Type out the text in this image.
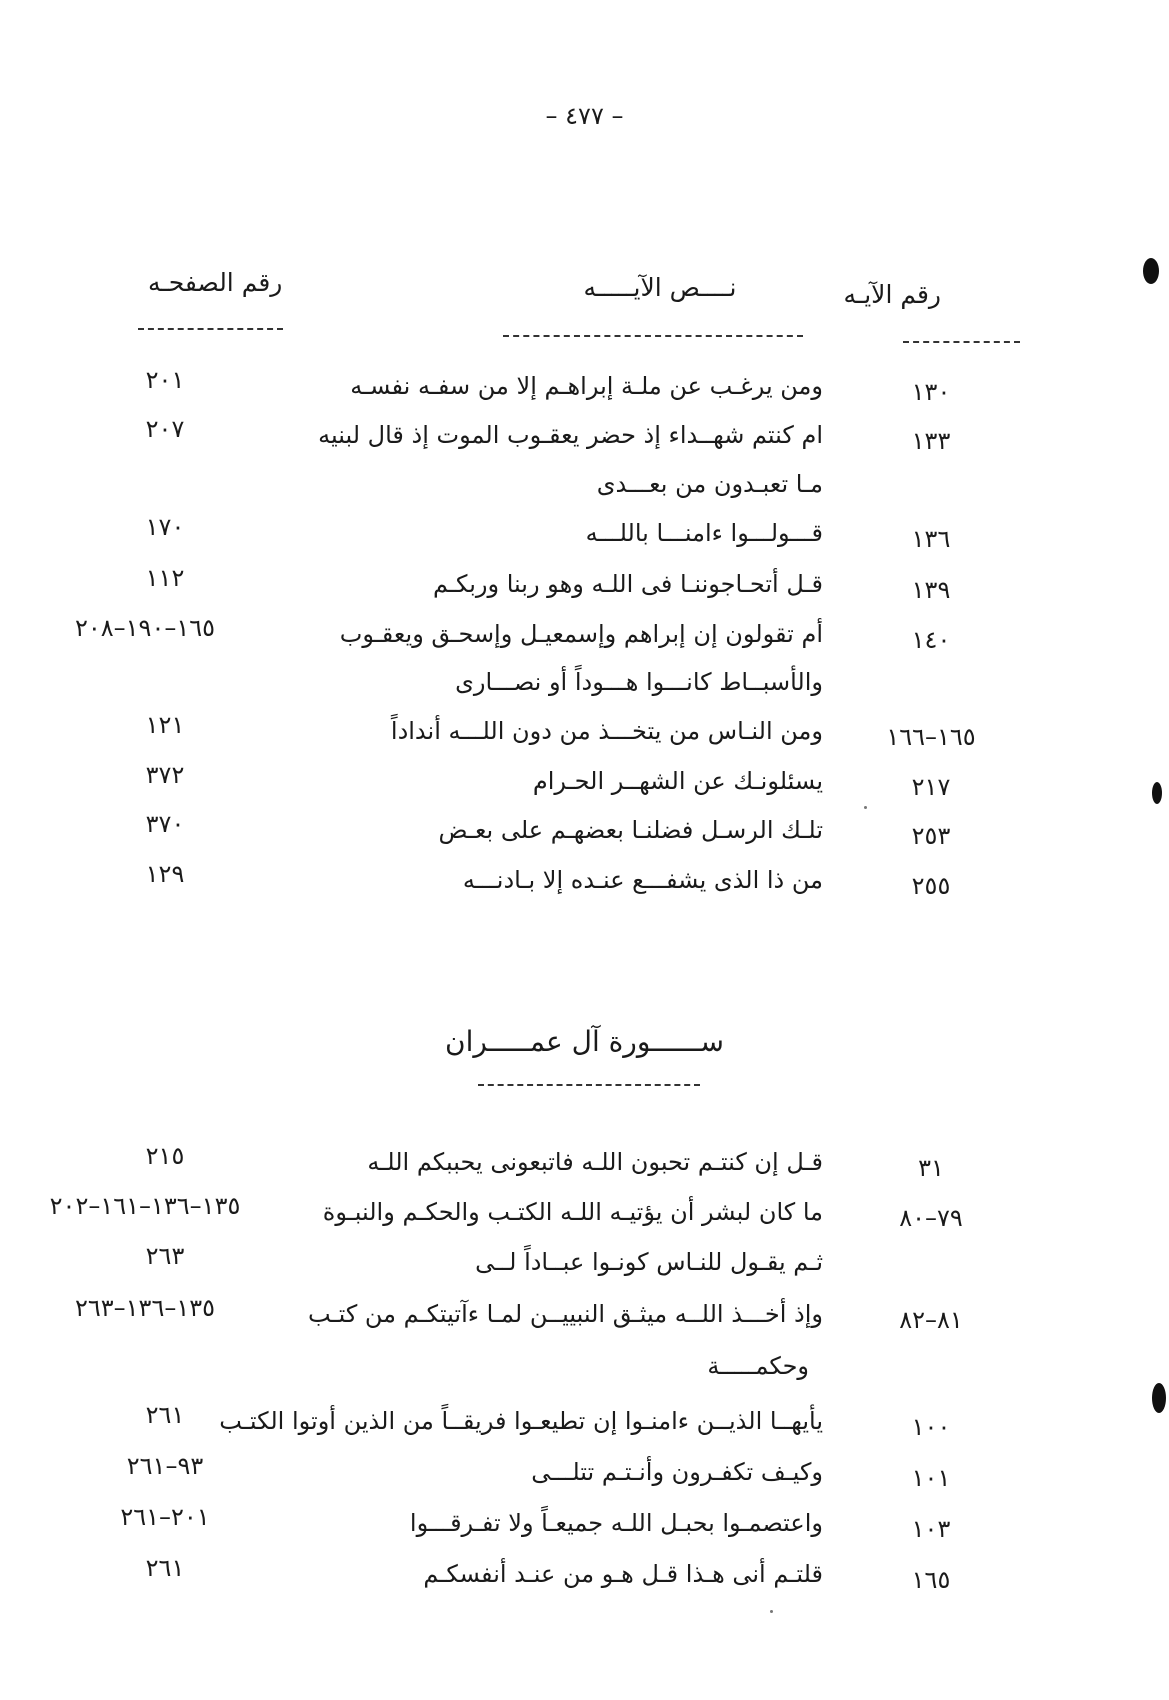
– ٤٧٧ –
رقم الآيـه
نــــص الآيـــــه
رقم الصفحـه
١٣٠
ومن يرغـب عن ملـة إبراهـم إلا من سفـه نفسـه
٢٠١
١٣٣
ام كنتم شهــداء إذ حضر يعقـوب الموت إذ قال لبنيه
٢٠٧
مـا تعبـدون من بعـــدى
١٣٦
قـــولـــوا ءامنـــا باللـــه
١٧٠
١٣٩
قـل أتحـاجوننـا فى اللـه وهو ربنا وربكـم
١١٢
١٤٠
أم تقولون إن إبراهم وإسمعيـل وإسحـق ويعقـوب
١٦٥–١٩٠–٢٠٨
والأسبــاط كانـــوا هـــوداً أو نصـــارى
١٦٥–١٦٦
ومن النـاس من يتخـــذ من دون اللـــه أنداداً
١٢١
٢١٧
يسئلونـك عن الشهــر الحـرام
٣٧٢
٢٥٣
تلـك الرسـل فضلنـا بعضهـم على بعـض
٣٧٠
٢٥٥
من ذا الذى يشفـــع عنـده إلا بـادنـــه
١٢٩
ســــــورة آل عمـــــران
٣١
قـل إن كنتـم تحبون اللـه فاتبعونى يحببكم اللـه
٢١٥
٧٩–٨٠
ما كان لبشر أن يؤتيـه اللـه الكتـب والحكـم والنبـوة
١٣٥–١٣٦–١٦١–٢٠٢
ثـم يقـول للنـاس كونـوا عبــاداً لــى
٢٦٣
٨١–٨٢
وإذ أخـــذ اللــه ميثـق النبييــن لمـا ءآتيتكـم من كتـب
١٣٥–١٣٦–٢٦٣
وحكمـــــة
١٠٠
يأيهــا الذيــن ءامنـوا إن تطيعـوا فريقــاً من الذين أوتوا الكتـب
٢٦١
١٠١
وكيـف تكفـرون وأنـتـم تتلـــى
٩٣–٢٦١
١٠٣
واعتصمـوا بحبـل اللـه جميعـاً ولا تفـرقـــوا
٢٠١–٢٦١
١٦٥
قلتـم أنى هـذا قـل هـو من عنـد أنفسكـم
٢٦١
